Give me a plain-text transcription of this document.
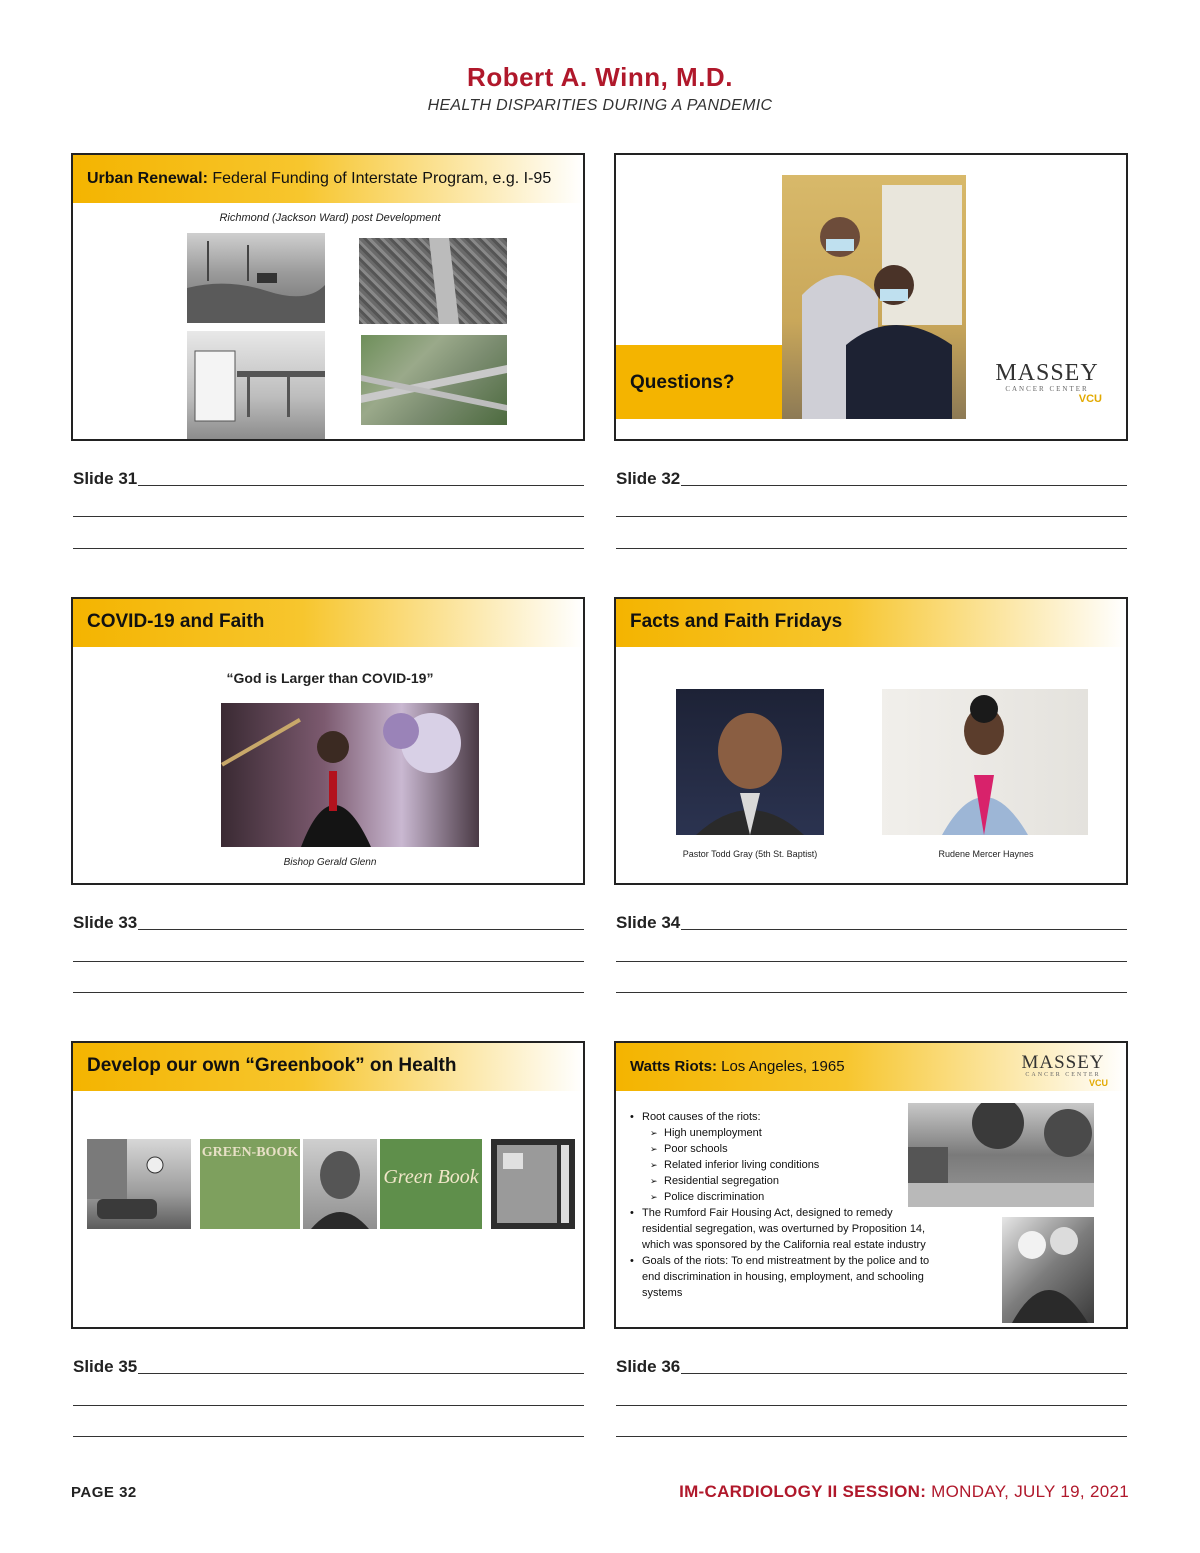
Robert A. Winn, M.D.
HEALTH DISPARITIES DURING A PANDEMIC
Urban Renewal: Federal Funding of Interstate Program, e.g. I-95
Richmond (Jackson Ward) post Development
Slide 31
Questions?	MASSEY
CANCER CENTER
VCU
Slide 32
COVID-19 and Faith
“God is Larger than COVID-19”
Bishop Gerald Glenn
Slide 33
Facts and Faith Fridays
Pastor Todd Gray (5th St. Baptist)	Rudene Mercer Haynes
Slide 34
Develop our own “Greenbook” on Health
GREEN-BOOK
Green Book
Slide 35
Watts Riots: Los Angeles, 1965	MASSEY
CANCER CENTER
VCU
• Root causes of the riots:
➢ High unemployment
➢ Poor schools
➢ Related inferior living conditions
➢ Residential segregation
➢ Police discrimination
• The Rumford Fair Housing Act, designed to remedy residential segregation, was overturned by Proposition 14, which was sponsored by the California real estate industry
• Goals of the riots: To end mistreatment by the police and to end discrimination in housing, employment, and schooling systems
Slide 36
PAGE 32	IM-CARDIOLOGY II SESSION: MONDAY, JULY 19, 2021
